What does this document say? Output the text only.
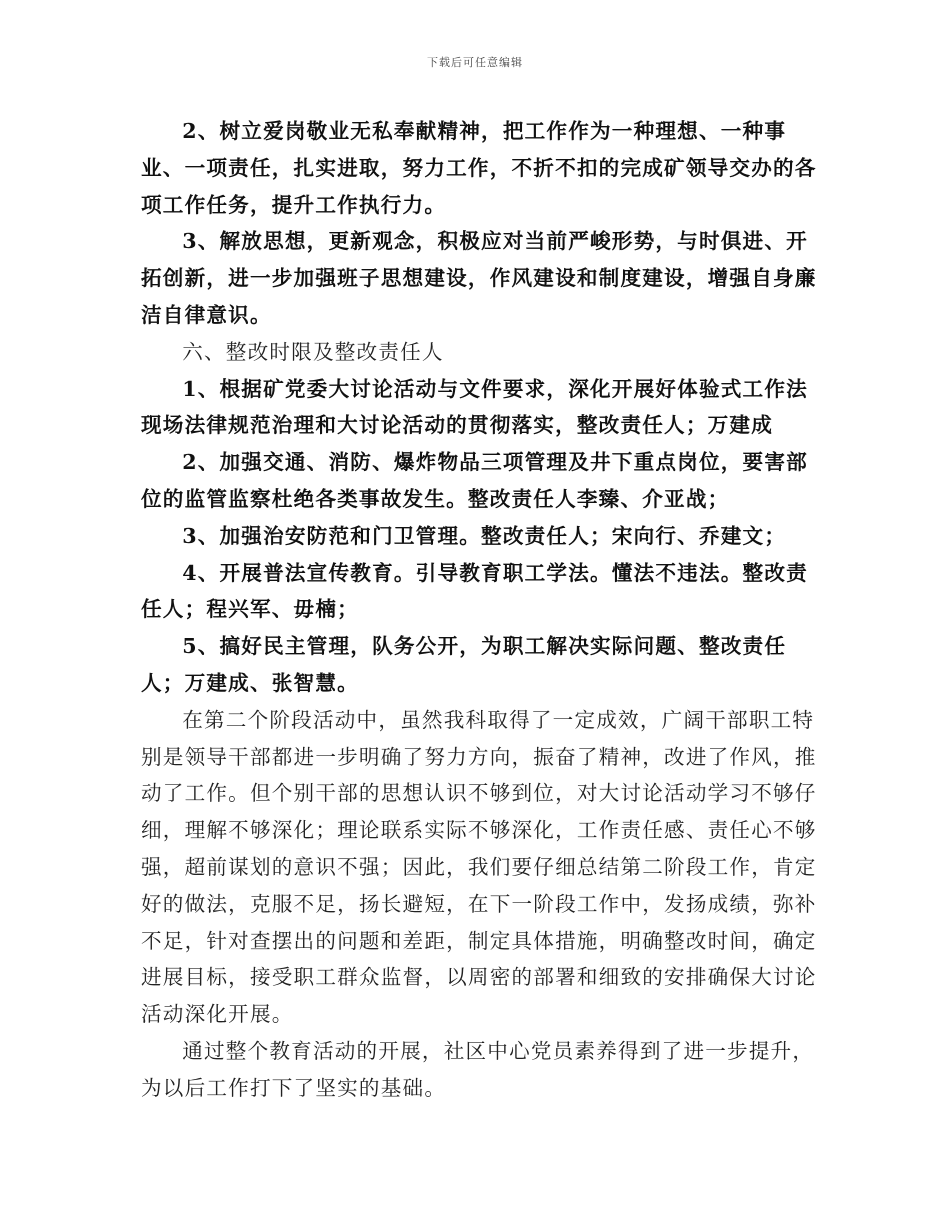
下载后可任意编辑

2、树立爱岗敬业无私奉献精神，把工作作为一种理想、一种事业、一项责任，扎实进取，努力工作，不折不扣的完成矿领导交办的各项工作任务，提升工作执行力。

3、解放思想，更新观念，积极应对当前严峻形势，与时俱进、开拓创新，进一步加强班子思想建设，作风建设和制度建设，增强自身廉洁自律意识。

六、整改时限及整改责任人

1、根据矿党委大讨论活动与文件要求，深化开展好体验式工作法现场法律规范治理和大讨论活动的贯彻落实，整改责任人；万建成

2、加强交通、消防、爆炸物品三项管理及井下重点岗位，要害部位的监管监察杜绝各类事故发生。整改责任人李臻、介亚战；

3、加强治安防范和门卫管理。整改责任人；宋向行、乔建文；

4、开展普法宣传教育。引导教育职工学法。懂法不违法。整改责任人；程兴军、毋楠；

5、搞好民主管理，队务公开，为职工解决实际问题、整改责任人；万建成、张智慧。

在第二个阶段活动中，虽然我科取得了一定成效，广阔干部职工特别是领导干部都进一步明确了努力方向，振奋了精神，改进了作风，推动了工作。但个别干部的思想认识不够到位，对大讨论活动学习不够仔细，理解不够深化；理论联系实际不够深化，工作责任感、责任心不够强，超前谋划的意识不强；因此，我们要仔细总结第二阶段工作，肯定好的做法，克服不足，扬长避短，在下一阶段工作中，发扬成绩，弥补不足，针对查摆出的问题和差距，制定具体措施，明确整改时间，确定进展目标，接受职工群众监督，以周密的部署和细致的安排确保大讨论活动深化开展。

通过整个教育活动的开展，社区中心党员素养得到了进一步提升，为以后工作打下了坚实的基础。
